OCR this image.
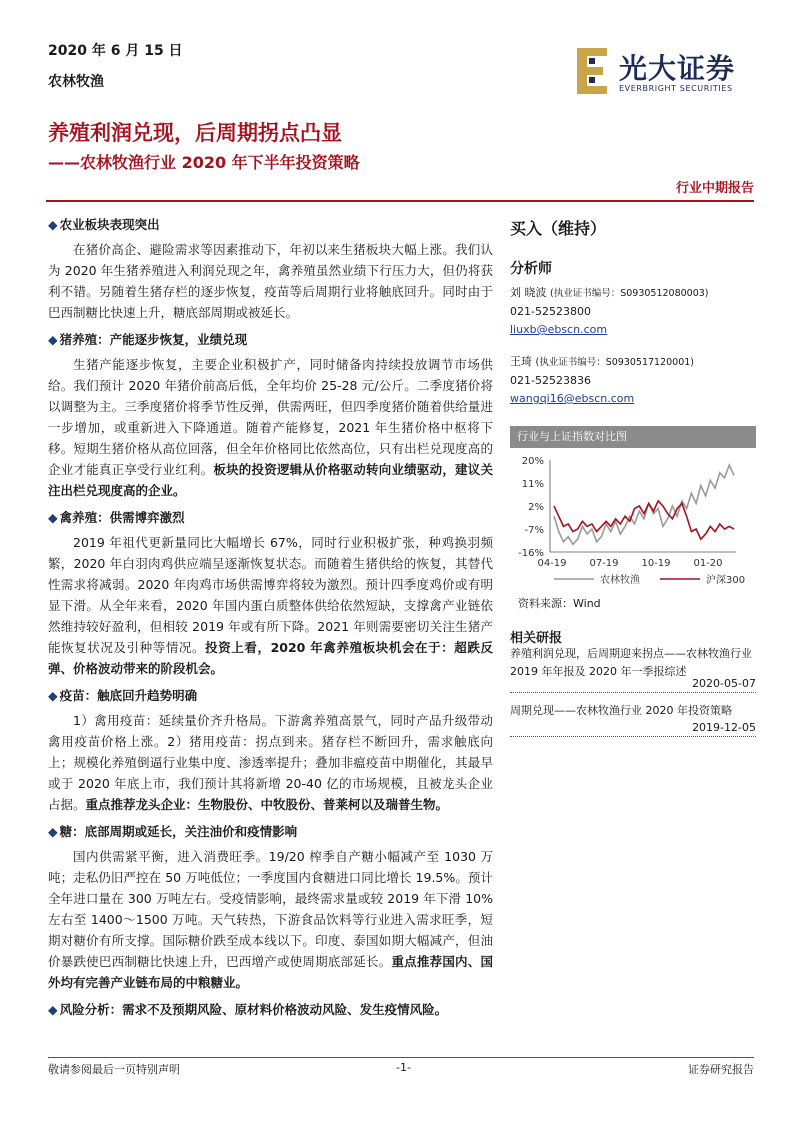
2020 年 6 月 15 日
农林牧渔
养殖利润兑现，后周期拐点凸显
——农林牧渔行业 2020 年下半年投资策略
行业中期报告
光大证券
EVERBRIGHT SECURITIES
◆ 农业板块表现突出

在猪价高企、避险需求等因素推动下，年初以来生猪板块大幅上涨。我们认为 2020 年生猪养殖进入利润兑现之年，禽养殖虽然业绩下行压力大，但仍将获利不错。另随着生猪存栏的逐步恢复，疫苗等后周期行业将触底回升。同时由于巴西制糖比快速上升，糖底部周期或被延长。

◆ 猪养殖：产能逐步恢复，业绩兑现

生猪产能逐步恢复，主要企业积极扩产，同时储备肉持续投放调节市场供给。我们预计 2020 年猪价前高后低，全年均价 25-28 元/公斤。二季度猪价将以调整为主。三季度猪价将季节性反弹，供需两旺，但四季度猪价随着供给量进一步增加，或重新进入下降通道。随着产能修复，2021 年生猪价格中枢将下移。短期生猪价格从高位回落，但全年价格同比依然高位，只有出栏兑现度高的企业才能真正享受行业红利。板块的投资逻辑从价格驱动转向业绩驱动，建议关注出栏兑现度高的企业。

◆ 禽养殖：供需博弈激烈

2019 年祖代更新量同比大幅增长 67%，同时行业积极扩张，种鸡换羽频繁，2020 年白羽肉鸡供应端呈逐渐恢复状态。而随着生猪供给的恢复，其替代性需求将减弱。2020 年肉鸡市场供需博弈将较为激烈。预计四季度鸡价或有明显下滑。从全年来看，2020 年国内蛋白质整体供给依然短缺，支撑禽产业链依然维持较好盈利，但相较 2019 年或有所下降。2021 年则需要密切关注生猪产能恢复状况及引种等情况。投资上看，2020 年禽养殖板块机会在于：超跌反弹、价格波动带来的阶段机会。

◆ 疫苗：触底回升趋势明确

1）禽用疫苗：延续量价齐升格局。下游禽养殖高景气，同时产品升级带动禽用疫苗价格上涨。2）猪用疫苗：拐点到来。猪存栏不断回升，需求触底向上；规模化养殖倒逼行业集中度、渗透率提升；叠加非瘟疫苗中期催化，其最早或于 2020 年底上市，我们预计其将新增 20-40 亿的市场规模，且被龙头企业占据。重点推荐龙头企业：生物股份、中牧股份、普莱柯以及瑞普生物。

◆ 糖：底部周期或延长，关注油价和疫情影响

国内供需紧平衡，进入消费旺季。19/20 榨季自产糖小幅减产至 1030 万吨；走私仍旧严控在 50 万吨低位；一季度国内食糖进口同比增长 19.5%。预计全年进口量在 300 万吨左右。受疫情影响，最终需求量或较 2019 年下滑 10%左右至 1400～1500 万吨。天气转热，下游食品饮料等行业进入需求旺季，短期对糖价有所支撑。国际糖价跌至成本线以下。印度、泰国如期大幅减产，但油价暴跌使巴西制糖比快速上升，巴西增产或使周期底部延长。重点推荐国内、国外均有完善产业链布局的中粮糖业。

◆ 风险分析：需求不及预期风险、原材料价格波动风险、发生疫情风险。
买入（维持）
分析师
刘 晓波 (执业证书编号：S0930512080003)
021-52523800
liuxb@ebscn.com
王琦 (执业证书编号：S0930517120001)
021-52523836
wangqi16@ebscn.com
行业与上证指数对比图
20%
11%
2%
-7%
-16%
04-19 07-19 10-19 01-20
农林牧渔	沪深300
资料来源：Wind
相关研报
养殖利润兑现，后周期迎来拐点——农林牧渔行业 2019 年年报及 2020 年一季报综述
2020-05-07
周期兑现——农林牧渔行业 2020 年投资策略
2019-12-05
敬请参阅最后一页特别声明	-1-	证券研究报告
